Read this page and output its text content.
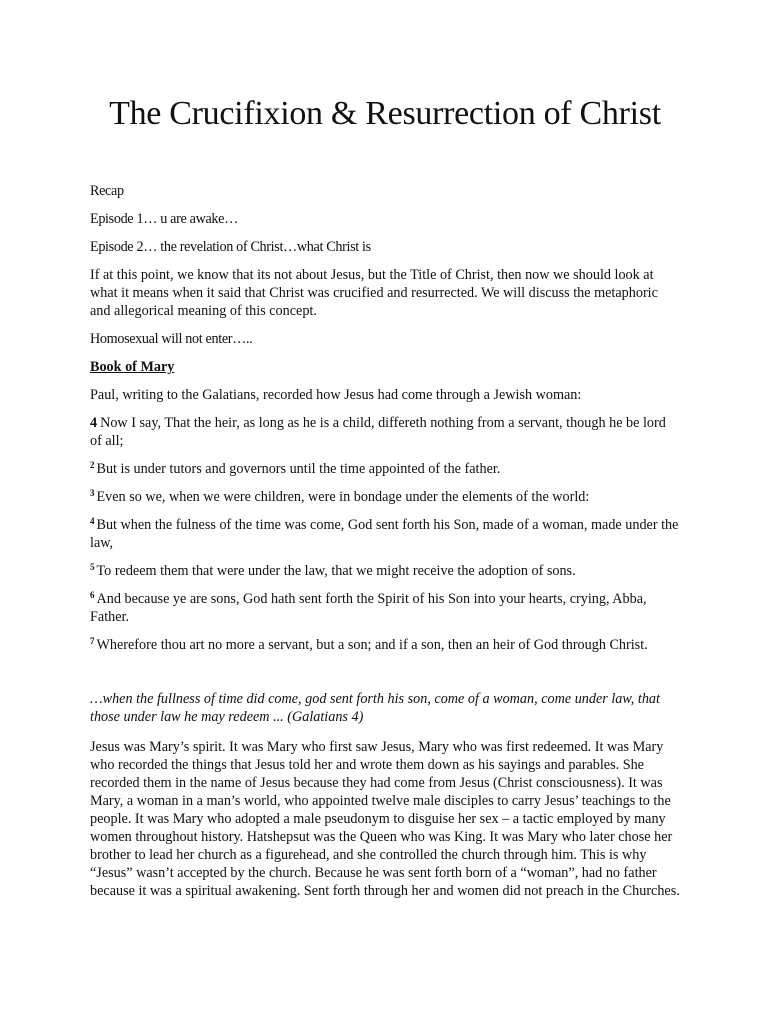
The Crucifixion & Resurrection of Christ

Recap

Episode 1… u are awake…

Episode 2… the revelation of Christ…what Christ is

If at this point, we know that its not about Jesus, but the Title of Christ, then now we should look at what it means when it said that Christ was crucified and resurrected. We will discuss the metaphoric and allegorical meaning of this concept.

Homosexual will not enter…..

Book of Mary

Paul, writing to the Galatians, recorded how Jesus had come through a Jewish woman:

4 Now I say, That the heir, as long as he is a child, differeth nothing from a servant, though he be lord of all;

$^2$ But is under tutors and governors until the time appointed of the father.

$^3$ Even so we, when we were children, were in bondage under the elements of the world:

$^4$ But when the fulness of the time was come, God sent forth his Son, made of a woman, made under the law,

$^5$ To redeem them that were under the law, that we might receive the adoption of sons.

$^6$ And because ye are sons, God hath sent forth the Spirit of his Son into your hearts, crying, Abba, Father.

$^7$ Wherefore thou art no more a servant, but a son; and if a son, then an heir of God through Christ.

…when the fullness of time did come, god sent forth his son, come of a woman, come under law, that those under law he may redeem ... (Galatians 4)

Jesus was Mary’s spirit. It was Mary who first saw Jesus, Mary who was first redeemed. It was Mary who recorded the things that Jesus told her and wrote them down as his sayings and parables. She recorded them in the name of Jesus because they had come from Jesus (Christ consciousness). It was Mary, a woman in a man’s world, who appointed twelve male disciples to carry Jesus’ teachings to the people. It was Mary who adopted a male pseudonym to disguise her sex – a tactic employed by many women throughout history. Hatshepsut was the Queen who was King. It was Mary who later chose her brother to lead her church as a figurehead, and she controlled the church through him. This is why “Jesus” wasn’t accepted by the church. Because he was sent forth born of a “woman”, had no father because it was a spiritual awakening. Sent forth through her and women did not preach in the Churches.
